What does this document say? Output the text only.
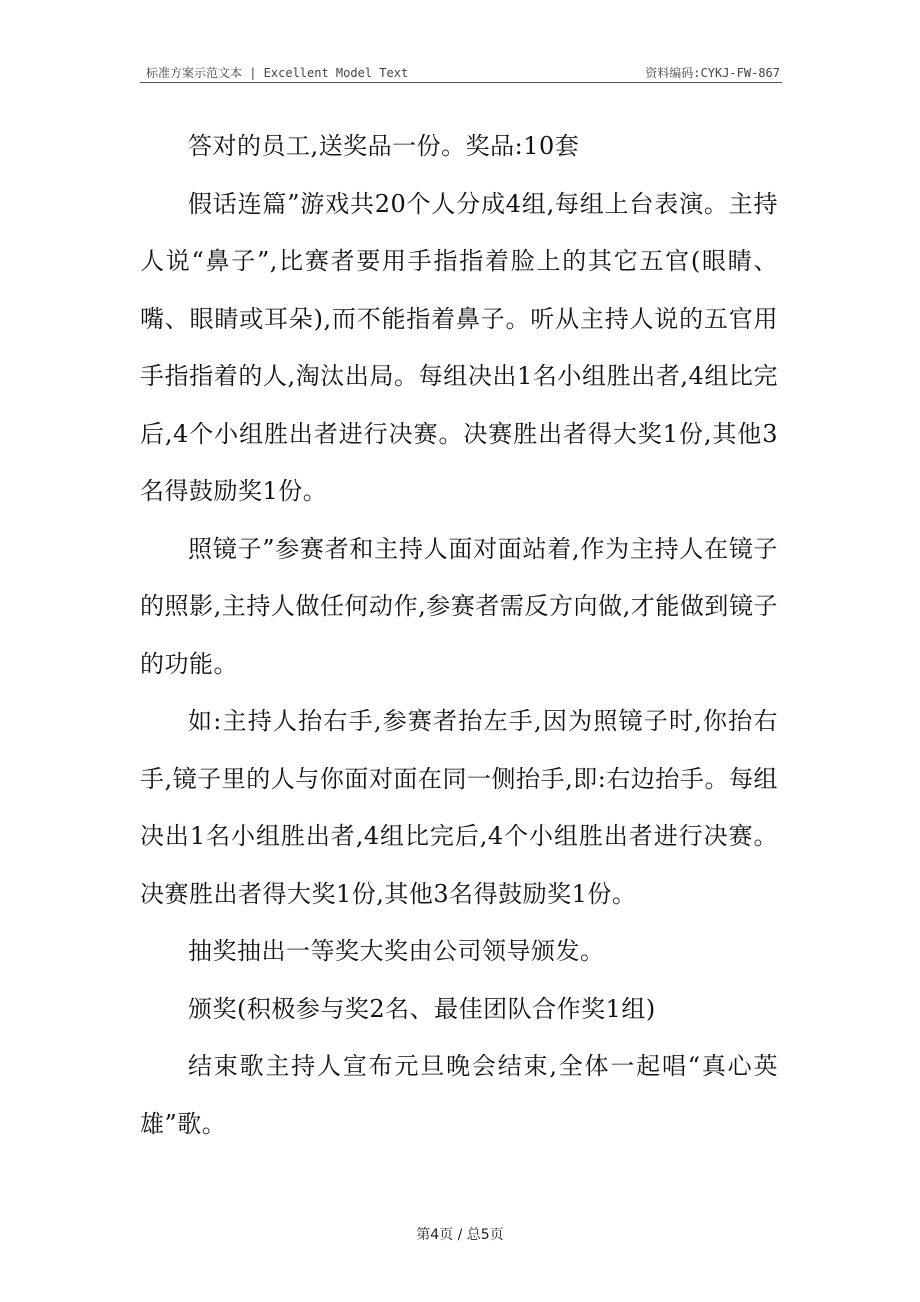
标准方案示范文本 | Excellent Model Text	资料编码:CYKJ-FW-867

答对的员工,送奖品一份。奖品:10套

假话连篇”游戏共20个人分成4组,每组上台表演。主持人说“鼻子”,比赛者要用手指指着脸上的其它五官(眼睛、嘴、眼睛或耳朵),而不能指着鼻子。听从主持人说的五官用手指指着的人,淘汰出局。每组决出1名小组胜出者,4组比完后,4个小组胜出者进行决赛。决赛胜出者得大奖1份,其他3名得鼓励奖1份。

照镜子”参赛者和主持人面对面站着,作为主持人在镜子的照影,主持人做任何动作,参赛者需反方向做,才能做到镜子的功能。

如:主持人抬右手,参赛者抬左手,因为照镜子时,你抬右手,镜子里的人与你面对面在同一侧抬手,即:右边抬手。每组决出1名小组胜出者,4组比完后,4个小组胜出者进行决赛。决赛胜出者得大奖1份,其他3名得鼓励奖1份。

抽奖抽出一等奖大奖由公司领导颁发。

颁奖(积极参与奖2名、最佳团队合作奖1组)

结束歌主持人宣布元旦晚会结束,全体一起唱“真心英雄”歌。

第4页 / 总5页
